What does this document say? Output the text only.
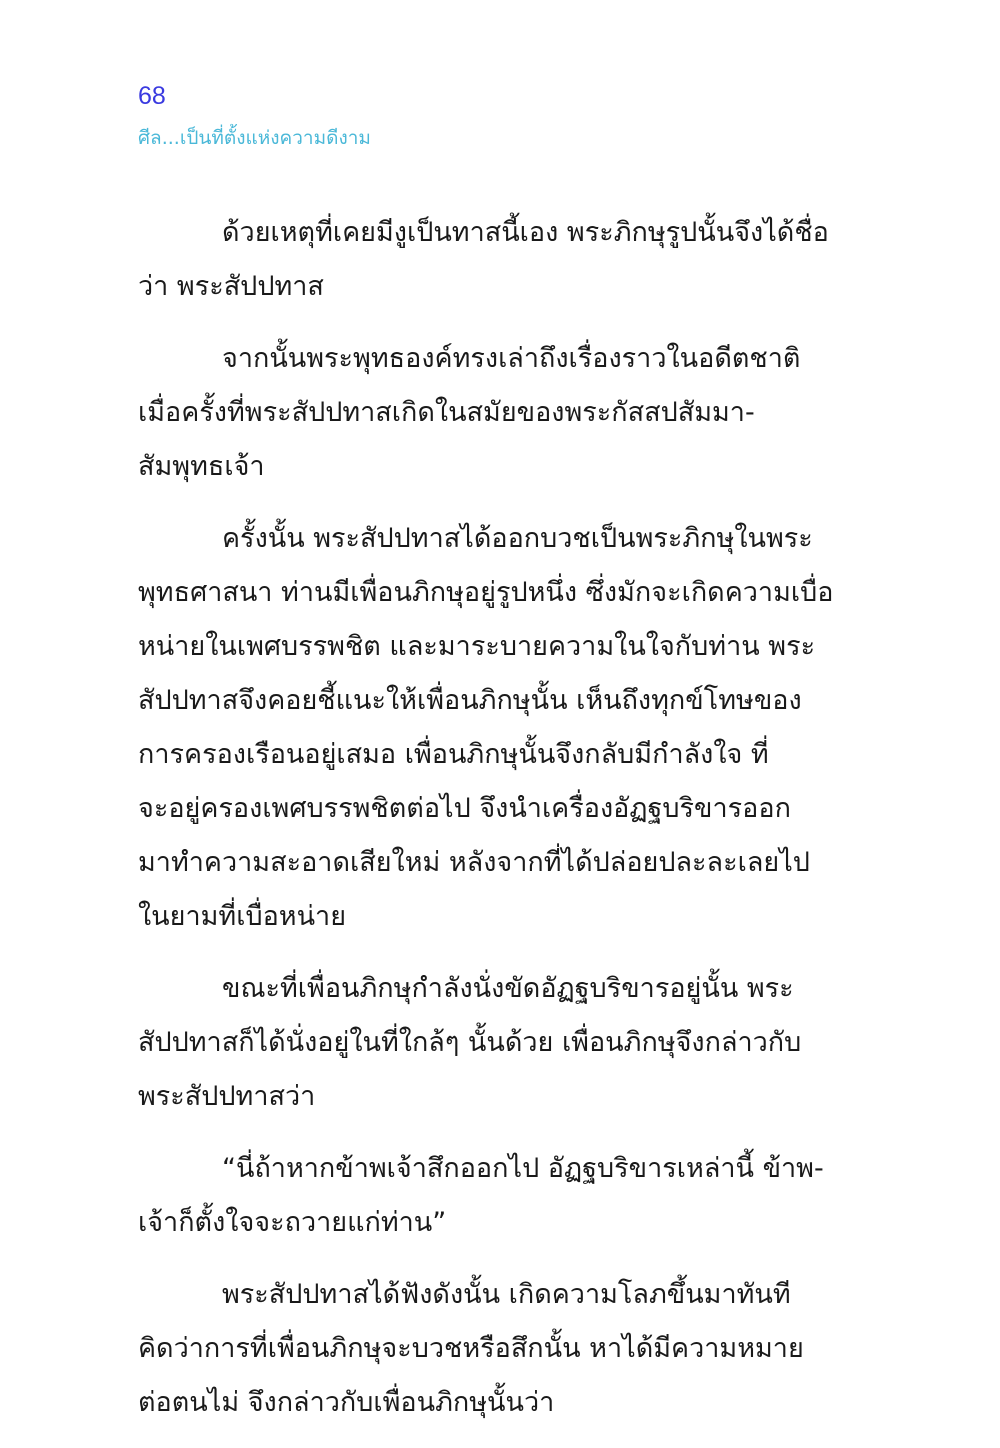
68
ศีล...เป็นที่ตั้งแห่งความดีงาม

ด้วยเหตุที่เคยมีงูเป็นทาสนี้เอง พระภิกษุรูปนั้นจึงได้ชื่อ
ว่า พระสัปปทาส

จากนั้นพระพุทธองค์ทรงเล่าถึงเรื่องราวในอดีตชาติ
เมื่อครั้งที่พระสัปปทาสเกิดในสมัยของพระกัสสปสัมมา-
สัมพุทธเจ้า

ครั้งนั้น พระสัปปทาสได้ออกบวชเป็นพระภิกษุในพระ
พุทธศาสนา ท่านมีเพื่อนภิกษุอยู่รูปหนึ่ง ซึ่งมักจะเกิดความเบื่อ
หน่ายในเพศบรรพชิต และมาระบายความในใจกับท่าน พระ
สัปปทาสจึงคอยชี้แนะให้เพื่อนภิกษุนั้น เห็นถึงทุกข์โทษของ
การครองเรือนอยู่เสมอ เพื่อนภิกษุนั้นจึงกลับมีกำลังใจ ที่
จะอยู่ครองเพศบรรพชิตต่อไป จึงนำเครื่องอัฏฐบริขารออก
มาทำความสะอาดเสียใหม่ หลังจากที่ได้ปล่อยปละละเลยไป
ในยามที่เบื่อหน่าย

ขณะที่เพื่อนภิกษุกำลังนั่งขัดอัฏฐบริขารอยู่นั้น พระ
สัปปทาสก็ได้นั่งอยู่ในที่ใกล้ๆ นั้นด้วย เพื่อนภิกษุจึงกล่าวกับ
พระสัปปทาสว่า

“นี่ถ้าหากข้าพเจ้าสึกออกไป อัฏฐบริขารเหล่านี้ ข้าพ-
เจ้าก็ตั้งใจจะถวายแก่ท่าน”

พระสัปปทาสได้ฟังดังนั้น เกิดความโลภขึ้นมาทันที
คิดว่าการที่เพื่อนภิกษุจะบวชหรือสึกนั้น หาได้มีความหมาย
ต่อตนไม่ จึงกล่าวกับเพื่อนภิกษุนั้นว่า
